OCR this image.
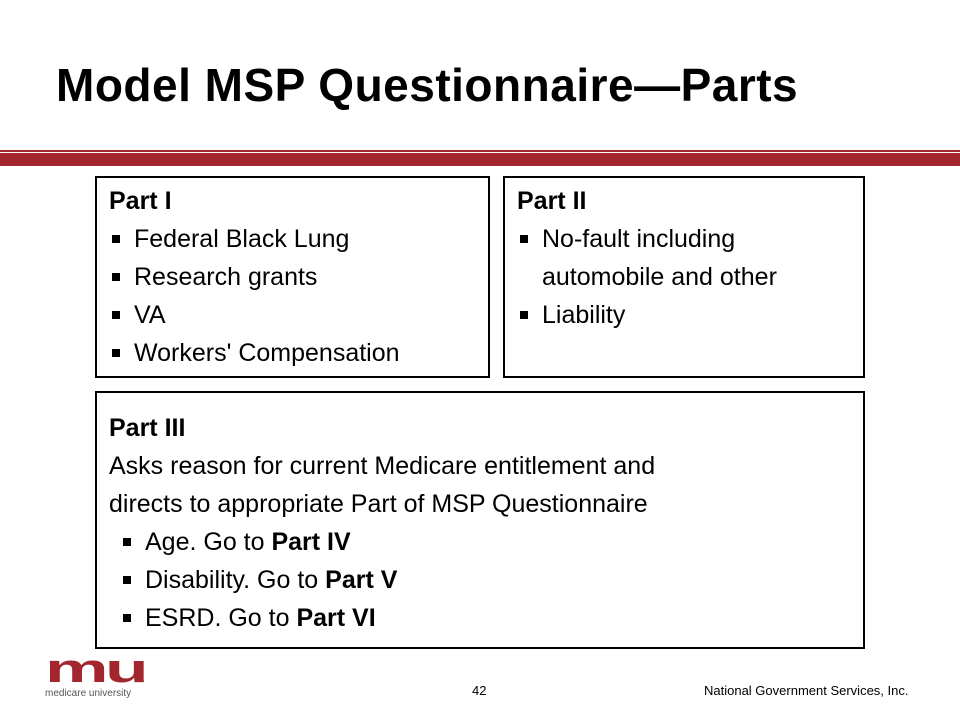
Model MSP Questionnaire—Parts

Part I

Federal Black Lung
Research grants
VA
Workers' Compensation

Part II

No-fault including automobile and other
Liability

Part III

Asks reason for current Medicare entitlement and

directs to appropriate Part of MSP Questionnaire

Age. Go to Part IV
Disability. Go to Part V
ESRD. Go to Part VI
mu
medicare university	42	National Government Services, Inc.
